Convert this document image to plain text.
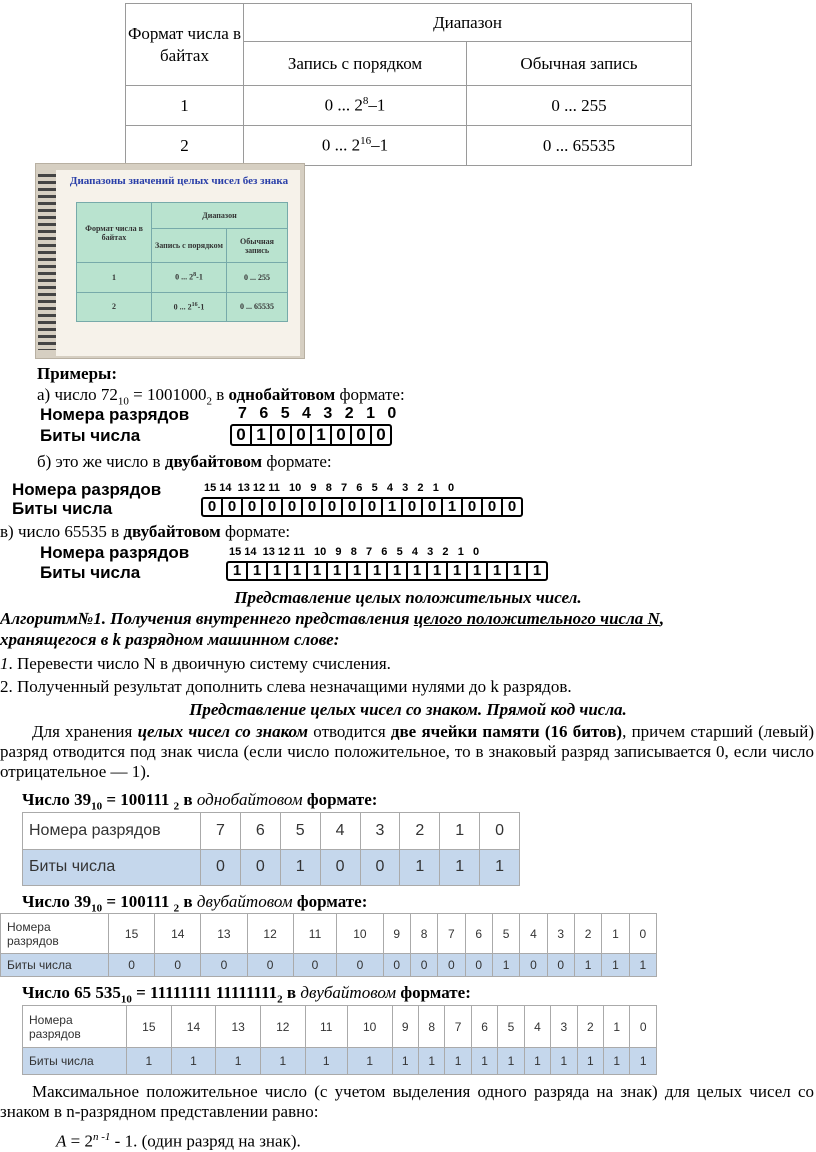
Формат числа в байтах	Диапазон	
	Запись с порядком	Обычная запись
1	0 ... $2^8-1$	0 ... 255
2	0 ... $2^{16}-1$	0 ... 65535
Диапазоны значений целых чисел без знака
Формат числа в байтах	Диапазон	
	Запись с порядком	Обычная запись
1	0 ... $2^8-1$	0 ... 255
2	0 ... $2^{16}-1$	0 ... 65535
Примеры:
а) число $72_{10} = 1001000_2$ в однобайтовом формате:
Номера разрядов	7 6 5 4 3 2 1 0
Биты числа	0 1 0 0 1 0 0 0
б) это же число в двубайтовом формате:
Номера разрядов	15 14  13 12 11   10   9   8   7   6   5   4   3   2   1   0
Биты числа	0 0 0 0 0 0 0 0 0 1 0 0 1 0 0 0
в) число 65535 в двубайтовом формате:
Номера разрядов	15 14  13 12 11   10   9   8   7   6   5   4   3   2   1   0
Биты числа	1 1 1 1 1 1 1 1 1 1 1 1 1 1 1 1
Представление целых положительных чисел.
Алгоритм№1. Получения внутреннего представления целого положительного числа N,
хранящегося в k разрядном машинном слове:
1. Перевести число N в двоичную систему счисления.
2. Полученный результат дополнить слева незначащими нулями до k разрядов.
Представление целых чисел со знаком. Прямой код числа.

Для хранения целых чисел со знаком отводится две ячейки памяти (16 битов), причем старший (левый) разряд отводится под знак числа (если число положительное, то в знаковый разряд записывается 0, если число отрицательное — 1).

Число $39_{10} = 100111$ $_2$ в однобайтовом формате:
Номера разрядов	7	6	5	4	3	2	1	0
Биты числа	0	0	1	0	0	1	1	1
Число $39_{10} = 100111$ $_2$ в двубайтовом формате:
Номера
разрядов	15	14	13	12	11	10	9	8	7	6	5	4	3	2	1	0
Биты числа	0	0	0	0	0	0	0	0	0	0	1	0	0	1	1	1
Число 65 $535_{10} = 11111111$ $11111111_2$ в двубайтовом формате:
Номера
разрядов	15	14	13	12	11	10	9	8	7	6	5	4	3	2	1	0
Биты числа	1	1	1	1	1	1	1	1	1	1	1	1	1	1	1	1

Максимальное положительное число (с учетом выделения одного разряда на знак) для целых чисел со знаком в n-разрядном представлении равно:

$A = 2^{n -1} - 1$. (один разряд на знак).
